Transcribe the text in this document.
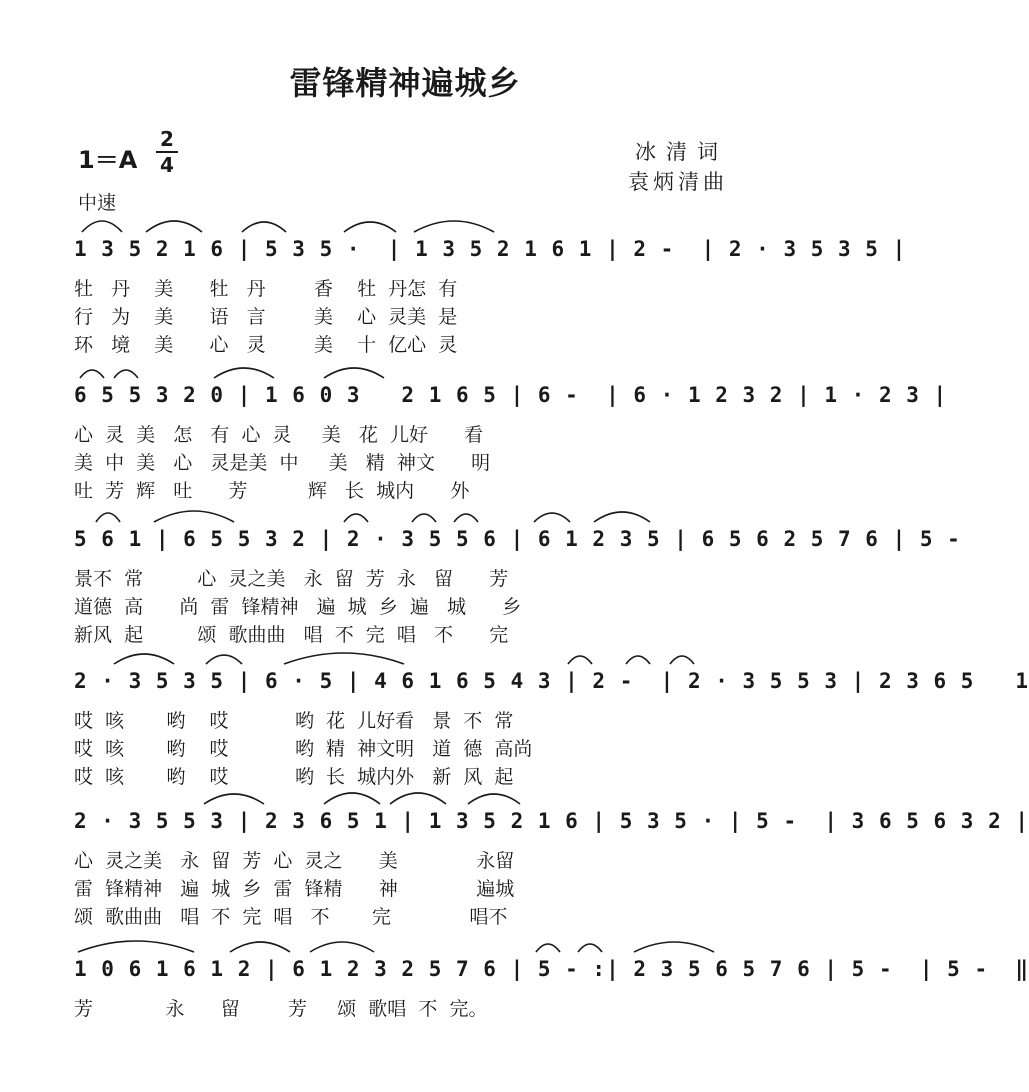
雷锋精神遍城乡
1＝A
2
4
冰清词
袁炳清曲
中速
1 3 5 2 1 6 | 5 3 5 ·  | 1 3 5 2 1 6 1 | 2 -  | 2 · 3 5 3 5 |
牡   丹    美      牡   丹        香    牡  丹怎  有
行   为    美      语   言        美    心  灵美  是
环   境    美      心   灵        美    十  亿心  灵
6 5 5 3 2 0 | 1 6 0 3   2 1 6 5 | 6 -  | 6 · 1 2 3 2 | 1 · 2 3 |
心  灵  美   怎   有  心  灵     美   花  儿好      看
美  中  美   心   灵是美  中     美   精  神文      明
吐  芳  辉   吐      芳          辉   长  城内      外
5 6 1 | 6 5 5 3 2 | 2 · 3 5 5 6 | 6 1 2 3 5 | 6 5 6 2 5 7 6 | 5 -
景不  常         心  灵之美   永  留  芳  永   留      芳
道德  高      尚  雷  锋精神   遍  城  乡  遍   城      乡
新风  起         颂  歌曲曲   唱  不  完  唱   不      完
2 · 3 5 3 5 | 6 · 5 | 4 6 1 6 5 4 3 | 2 -  | 2 · 3 5 5 3 | 2 3 6 5   1
哎  咳       哟    哎           哟  花  儿好看   景  不  常
哎  咳       哟    哎           哟  精  神文明   道  德  高尚
哎  咳       哟    哎           哟  长  城内外   新  风  起
2 · 3 5 5 3 | 2 3 6 5 1 | 1 3 5 2 1 6 | 5 3 5 · | 5 -  | 3 6 5 6 3 2 |
心  灵之美   永  留  芳  心  灵之      美             永留
雷  锋精神   遍  城  乡  雷  锋精      神             遍城
颂  歌曲曲   唱  不  完  唱   不       完             唱不
1 0 6 1 6 1 2 | 6 1 2 3 2 5 7 6 | 5 - :| 2 3 5 6 5 7 6 | 5 -  | 5 -  ‖
芳            永      留        芳     颂  歌唱  不  完。
